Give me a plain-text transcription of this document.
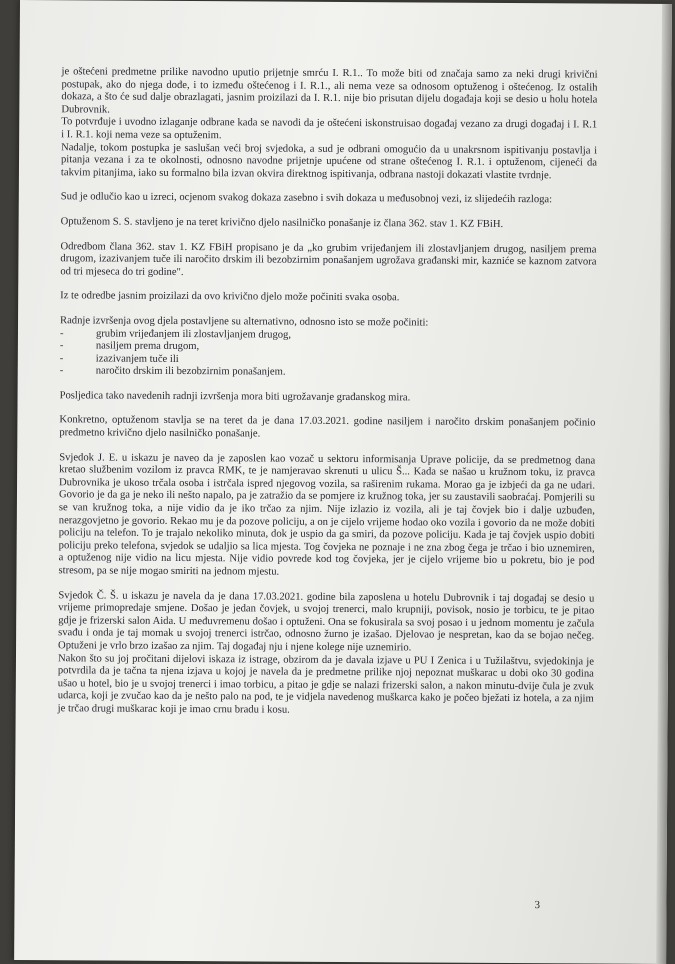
je oštećeni predmetne prilike navodno uputio prijetnje smrću I. R.1.. To može biti od značaja samo za neki drugi krivični postupak, ako do njega dođe, i to između oštećenog i I. R.1., ali nema veze sa odnosom optuženog i oštećenog. Iz ostalih dokaza, a što će sud dalje obrazlagati, jasnim proizilazi da I. R.1. nije bio prisutan dijelu događaja koji se desio u holu hotela Dubrovnik.

To potvrđuje i uvodno izlaganje odbrane kada se navodi da je oštećeni iskonstruisao događaj vezano za drugi događaj i I. R.1 i I. R.1. koji nema veze sa optuženim.

Nadalje, tokom postupka je saslušan veći broj svjedoka, a sud je odbrani omogućio da u unakrsnom ispitivanju postavlja i pitanja vezana i za te okolnosti, odnosno navodne prijetnje upućene od strane oštećenog I. R.1. i optuženom, cijeneći da takvim pitanjima, iako su formalno bila izvan okvira direktnog ispitivanja, odbrana nastoji dokazati vlastite tvrdnje.

Sud je odlučio kao u izreci, ocjenom svakog dokaza zasebno i svih dokaza u međusobnoj vezi, iz slijedećih razloga:

Optuženom S. S. stavljeno je na teret krivično djelo nasilničko ponašanje iz člana 362. stav 1. KZ FBiH.

Odredbom člana 362. stav 1. KZ FBiH propisano je da „ko grubim vrijeđanjem ili zlostavljanjem drugog, nasiljem prema drugom, izazivanjem tuče ili naročito drskim ili bezobzirnim ponašanjem ugrožava građanski mir, kazniće se kaznom zatvora od tri mjeseca do tri godine".

Iz te odredbe jasnim proizilazi da ovo krivično djelo može počiniti svaka osoba.

Radnje izvršenja ovog djela postavljene su alternativno, odnosno isto se može počiniti:

- grubim vrijeđanjem ili zlostavljanjem drugog,
- nasiljem prema drugom,
- izazivanjem tuče ili
- naročito drskim ili bezobzirnim ponašanjem.

Posljedica tako navedenih radnji izvršenja mora biti ugrožavanje građanskog mira.

Konkretno, optuženom stavlja se na teret da je dana 17.03.2021. godine nasiljem i naročito drskim ponašanjem počinio predmetno krivično djelo nasilničko ponašanje.

Svjedok J. E. u iskazu je naveo da je zaposlen kao vozač u sektoru informisanja Uprave policije, da se predmetnog dana kretao službenim vozilom iz pravca RMK, te je namjeravao skrenuti u ulicu Š... Kada se našao u kružnom toku, iz pravca Dubrovnika je ukoso trčala osoba i istrčala ispred njegovog vozila, sa raširenim rukama. Morao ga je izbjeći da ga ne udari. Govorio je da ga je neko ili nešto napalo, pa je zatražio da se pomjere iz kružnog toka, jer su zaustavili saobraćaj. Pomjerili su se van kružnog toka, a nije vidio da je iko trčao za njim. Nije izlazio iz vozila, ali je taj čovjek bio i dalje uzbuđen, nerazgovjetno je govorio. Rekao mu je da pozove policiju, a on je cijelo vrijeme hodao oko vozila i govorio da ne može dobiti policiju na telefon. To je trajalo nekoliko minuta, dok je uspio da ga smiri, da pozove policiju. Kada je taj čovjek uspio dobiti policiju preko telefona, svjedok se udaljio sa lica mjesta. Tog čovjeka ne poznaje i ne zna zbog čega je trčao i bio uznemiren, a optuženog nije vidio na licu mjesta. Nije vidio povrede kod tog čovjeka, jer je cijelo vrijeme bio u pokretu, bio je pod stresom, pa se nije mogao smiriti na jednom mjestu.

Svjedok Č. Š. u iskazu je navela da je dana 17.03.2021. godine bila zaposlena u hotelu Dubrovnik i taj događaj se desio u vrijeme primopredaje smjene. Došao je jedan čovjek, u svojoj trenerci, malo krupniji, povisok, nosio je torbicu, te je pitao gdje je frizerski salon Aida. U međuvremenu došao i optuženi. Ona se fokusirala sa svoj posao i u jednom momentu je začula svađu i onda je taj momak u svojoj trenerci istrčao, odnosno žurno je izašao. Djelovao je nespretan, kao da se bojao nečeg. Optuženi je vrlo brzo izašao za njim. Taj događaj nju i njene kolege nije uznemirio.

Nakon što su joj pročitani dijelovi iskaza iz istrage, obzirom da je davala izjave u PU I Zenica i u Tužilaštvu, svjedokinja je potvrdila da je tačna ta njena izjava u kojoj je navela da je predmetne prilike njoj nepoznat muškarac u dobi oko 30 godina ušao u hotel, bio je u svojoj trenerci i imao torbicu, a pitao je gdje se nalazi frizerski salon, a nakon minutu-dvije čula je zvuk udarca, koji je zvučao kao da je nešto palo na pod, te je vidjela navedenog muškarca kako je počeo bježati iz hotela, a za njim je trčao drugi muškarac koji je imao crnu bradu i kosu.

3
